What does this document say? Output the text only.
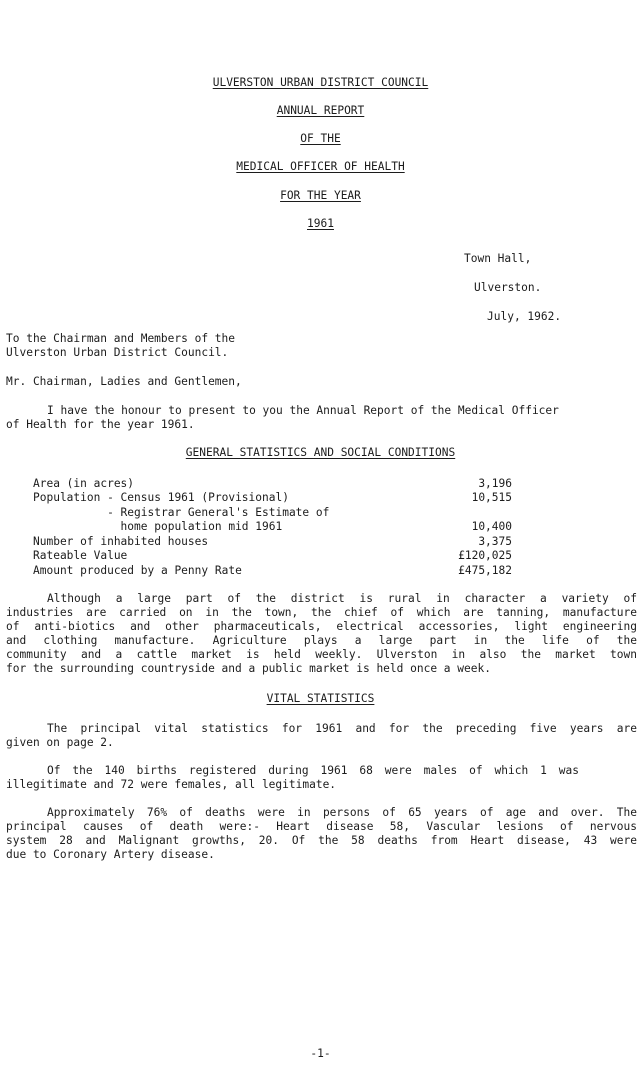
ULVERSTON URBAN DISTRICT COUNCIL
ANNUAL REPORT
OF THE
MEDICAL OFFICER OF HEALTH
FOR THE YEAR
1961
Town Hall,
Ulverston.
July, 1962.
To the Chairman and Members of the
Ulverston Urban District Council.
Mr. Chairman, Ladies and Gentlemen,
I have the honour to present to you the Annual Report of the Medical Officer
of Health for the year 1961.
GENERAL STATISTICS AND SOCIAL CONDITIONS
Area (in acres)	3,196
Population - Census 1961 (Provisional)	10,515
- Registrar General's Estimate of
home population mid 1961	10,400
Number of inhabited houses	3,375
Rateable Value	£120,025
Amount produced by a Penny Rate	£475,182
Although a large part of the district is rural in character a variety of
industries are carried on in the town, the chief of which are tanning, manufacture
of anti-biotics and other pharmaceuticals, electrical accessories, light engineering
and clothing manufacture. Agriculture plays a large part in the life of the
community and a cattle market is held weekly. Ulverston in also the market town
for the surrounding countryside and a public market is held once a week.
VITAL STATISTICS
The principal vital statistics for 1961 and for the preceding five years are
given on page 2.
Of the 140 births registered during 1961 68 were males of which 1 was
illegitimate and 72 were females, all legitimate.
Approximately 76% of deaths were in persons of 65 years of age and over. The
principal causes of death were:- Heart disease 58, Vascular lesions of nervous
system 28 and Malignant growths, 20. Of the 58 deaths from Heart disease, 43 were
due to Coronary Artery disease.
-1-
